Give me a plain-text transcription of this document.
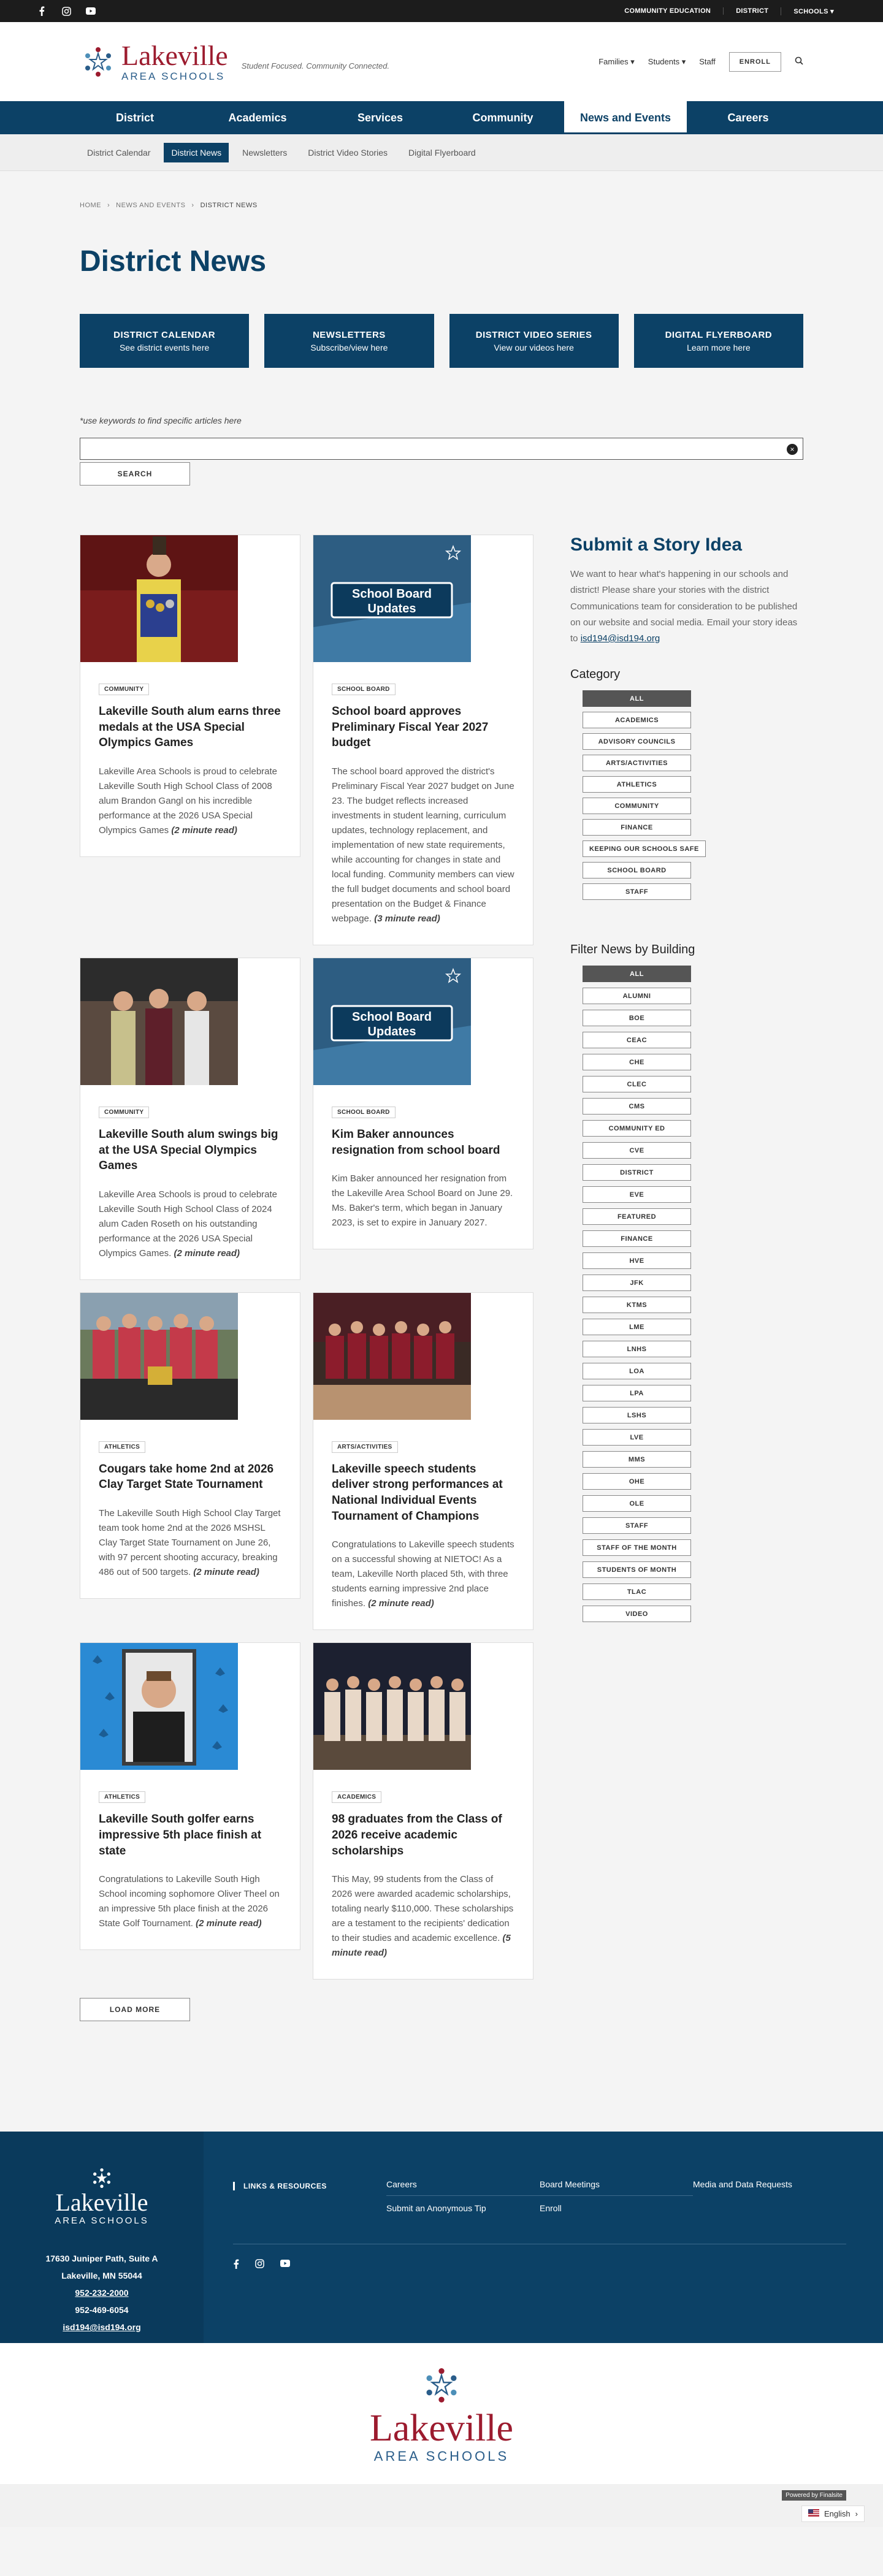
COMMUNITY EDUCATION	DISTRICT	SCHOOLS ▾
Lakeville
AREA SCHOOLS
Student Focused. Community Connected.	Families ▾ Students ▾ Staff	ENROLL
District	Academics	Services	Community	News and Events	Careers
District Calendar	District News	Newsletters	District Video Stories	Digital Flyerboard
HOME › NEWS AND EVENTS › DISTRICT NEWS
District News
DISTRICT CALENDAR
See district events here
NEWSLETTERS
Subscribe/view here
DISTRICT VIDEO SERIES
View our videos here
DIGITAL FLYERBOARD
Learn more here
*use keywords to find specific articles here
×
SEARCH
COMMUNITY
Lakeville South alum earns three medals at the USA Special Olympics Games

Lakeville Area Schools is proud to celebrate Lakeville South High School Class of 2008 alum Brandon Gangl on his incredible performance at the 2026 USA Special Olympics Games (2 minute read)

School Board
Updates
SCHOOL BOARD
School board approves Preliminary Fiscal Year 2027 budget

The school board approved the district's Preliminary Fiscal Year 2027 budget on June 23. The budget reflects increased investments in student learning, curriculum updates, technology replacement, and implementation of new state requirements, while accounting for changes in state and local funding. Community members can view the full budget documents and school board presentation on the Budget & Finance webpage. (3 minute read)

COMMUNITY
Lakeville South alum swings big at the USA Special Olympics Games

Lakeville Area Schools is proud to celebrate Lakeville South High School Class of 2024 alum Caden Roseth on his outstanding performance at the 2026 USA Special Olympics Games. (2 minute read)

School Board
Updates
SCHOOL BOARD
Kim Baker announces resignation from school board

Kim Baker announced her resignation from the Lakeville Area School Board on June 29. Ms. Baker's term, which began in January 2023, is set to expire in January 2027.

ATHLETICS
Cougars take home 2nd at 2026 Clay Target State Tournament

The Lakeville South High School Clay Target team took home 2nd at the 2026 MSHSL Clay Target State Tournament on June 26, with 97 percent shooting accuracy, breaking 486 out of 500 targets. (2 minute read)

ARTS/ACTIVITIES
Lakeville speech students deliver strong performances at National Individual Events Tournament of Champions

Congratulations to Lakeville speech students on a successful showing at NIETOC! As a team, Lakeville North placed 5th, with three students earning impressive 2nd place finishes. (2 minute read)

ATHLETICS
Lakeville South golfer earns impressive 5th place finish at state

Congratulations to Lakeville South High School incoming sophomore Oliver Theel on an impressive 5th place finish at the 2026 State Golf Tournament. (2 minute read)

ACADEMICS
98 graduates from the Class of 2026 receive academic scholarships

This May, 99 students from the Class of 2026 were awarded academic scholarships, totaling nearly $110,000. These scholarships are a testament to the recipients' dedication to their studies and academic excellence. (5 minute read)

LOAD MORE
Submit a Story Idea

We want to hear what's happening in our schools and district! Please share your stories with the district Communications team for consideration to be published on our website and social media. Email your story ideas to isd194@isd194.org

Category
ALL
ACADEMICS
ADVISORY COUNCILS
ARTS/ACTIVITIES
ATHLETICS
COMMUNITY
FINANCE
KEEPING OUR SCHOOLS SAFE
SCHOOL BOARD
STAFF
Filter News by Building
ALL
ALUMNI
BOE
CEAC
CHE
CLEC
CMS
COMMUNITY ED
CVE
DISTRICT
EVE
FEATURED
FINANCE
HVE
JFK
KTMS
LME
LNHS
LOA
LPA
LSHS
LVE
MMS
OHE
OLE
STAFF
STAFF OF THE MONTH
STUDENTS OF MONTH
TLAC
VIDEO
Lakeville
AREA SCHOOLS
17630 Juniper Path, Suite A
Lakeville, MN 55044
952-232-2000
952-469-6054
isd194@isd194.org
LINKS & RESOURCES	Careers	Board Meetings	Media and Data Requests
Submit an Anonymous Tip	Enroll
Lakeville
AREA SCHOOLS
Powered by Finalsite
English ›
